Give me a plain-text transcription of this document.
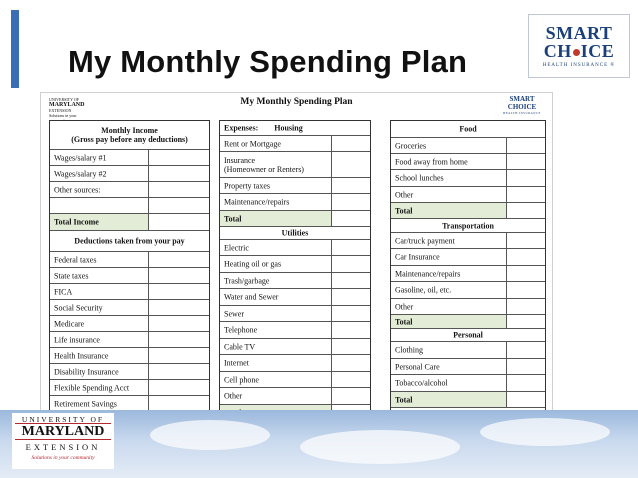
My Monthly Spending Plan
SMART
CH ICE
HEALTH INSURANCE ®
UNIVERSITY OF
MARYLAND
EXTENSION
Solutions in your
My Monthly Spending Plan	SMART
CHOICE
HEALTH INSURANCE
Monthly Income
(Gross pay before any deductions)
Wages/salary #1
Wages/salary #2
Other sources:
Total Income
Deductions taken from your pay
Federal taxes
State taxes
FICA
Social Security
Medicare
Life insurance
Health Insurance
Disability Insurance
Flexible Spending Acct
Retirement Savings
Expenses: Housing
Rent or Mortgage
Insurance
(Homeowner or Renters)
Property taxes
Maintenance/repairs
Total
Utilities
Electric
Heating oil or gas
Trash/garbage
Water and Sewer
Sewer
Telephone
Cable TV
Internet
Cell phone
Other
Food
Groceries
Food away from home
School lunches
Other
Total
Transportation
Car/truck payment
Car Insurance
Maintenance/repairs
Gasoline, oil, etc.
Other
Total
Personal
Clothing
Personal Care
Tobacco/alcohol
Total
UNIVERSITY OF
MARYLAND
EXTENSION
Solutions in your community
